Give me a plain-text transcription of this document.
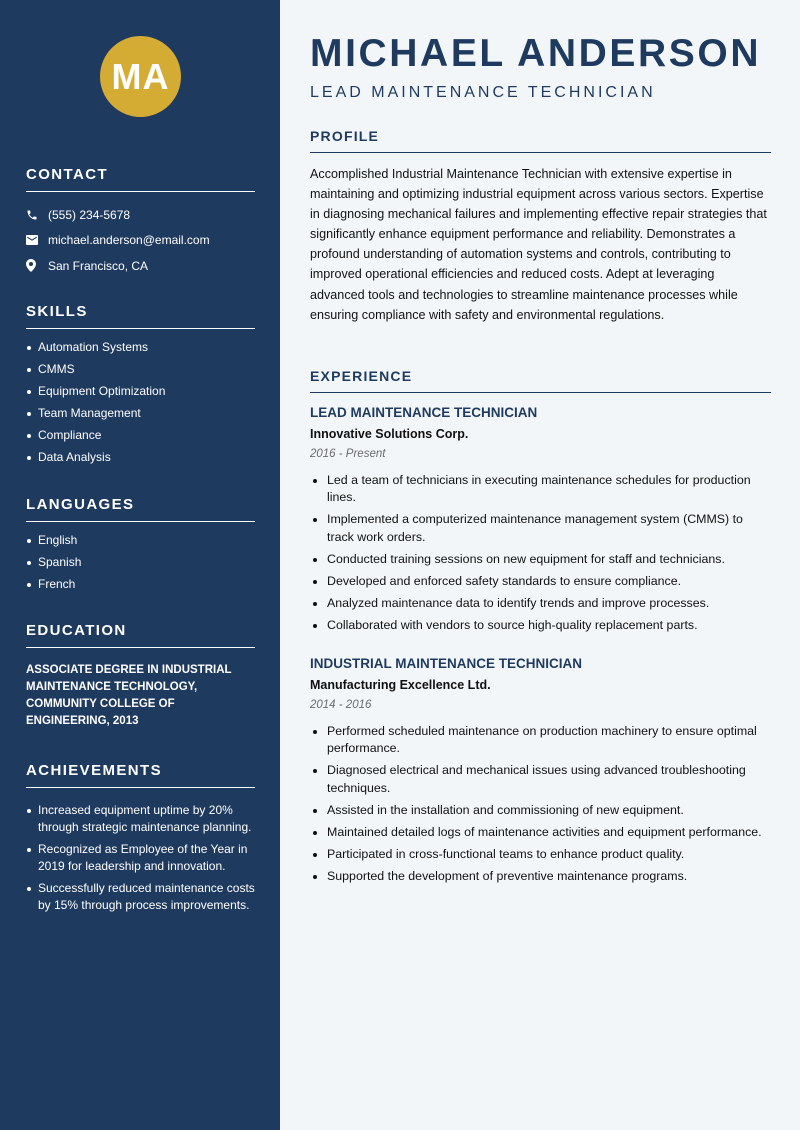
MA
CONTACT
(555) 234-5678
michael.anderson@email.com
San Francisco, CA
SKILLS
Automation Systems
CMMS
Equipment Optimization
Team Management
Compliance
Data Analysis
LANGUAGES
English
Spanish
French
EDUCATION
ASSOCIATE DEGREE IN INDUSTRIAL MAINTENANCE TECHNOLOGY, COMMUNITY COLLEGE OF ENGINEERING, 2013
ACHIEVEMENTS
Increased equipment uptime by 20% through strategic maintenance planning.
Recognized as Employee of the Year in 2019 for leadership and innovation.
Successfully reduced maintenance costs by 15% through process improvements.
MICHAEL ANDERSON
LEAD MAINTENANCE TECHNICIAN
PROFILE
Accomplished Industrial Maintenance Technician with extensive expertise in maintaining and optimizing industrial equipment across various sectors. Expertise in diagnosing mechanical failures and implementing effective repair strategies that significantly enhance equipment performance and reliability. Demonstrates a profound understanding of automation systems and controls, contributing to improved operational efficiencies and reduced costs. Adept at leveraging advanced tools and technologies to streamline maintenance processes while ensuring compliance with safety and environmental regulations.
EXPERIENCE
LEAD MAINTENANCE TECHNICIAN
Innovative Solutions Corp.
2016 - Present
Led a team of technicians in executing maintenance schedules for production lines.
Implemented a computerized maintenance management system (CMMS) to track work orders.
Conducted training sessions on new equipment for staff and technicians.
Developed and enforced safety standards to ensure compliance.
Analyzed maintenance data to identify trends and improve processes.
Collaborated with vendors to source high-quality replacement parts.
INDUSTRIAL MAINTENANCE TECHNICIAN
Manufacturing Excellence Ltd.
2014 - 2016
Performed scheduled maintenance on production machinery to ensure optimal performance.
Diagnosed electrical and mechanical issues using advanced troubleshooting techniques.
Assisted in the installation and commissioning of new equipment.
Maintained detailed logs of maintenance activities and equipment performance.
Participated in cross-functional teams to enhance product quality.
Supported the development of preventive maintenance programs.
